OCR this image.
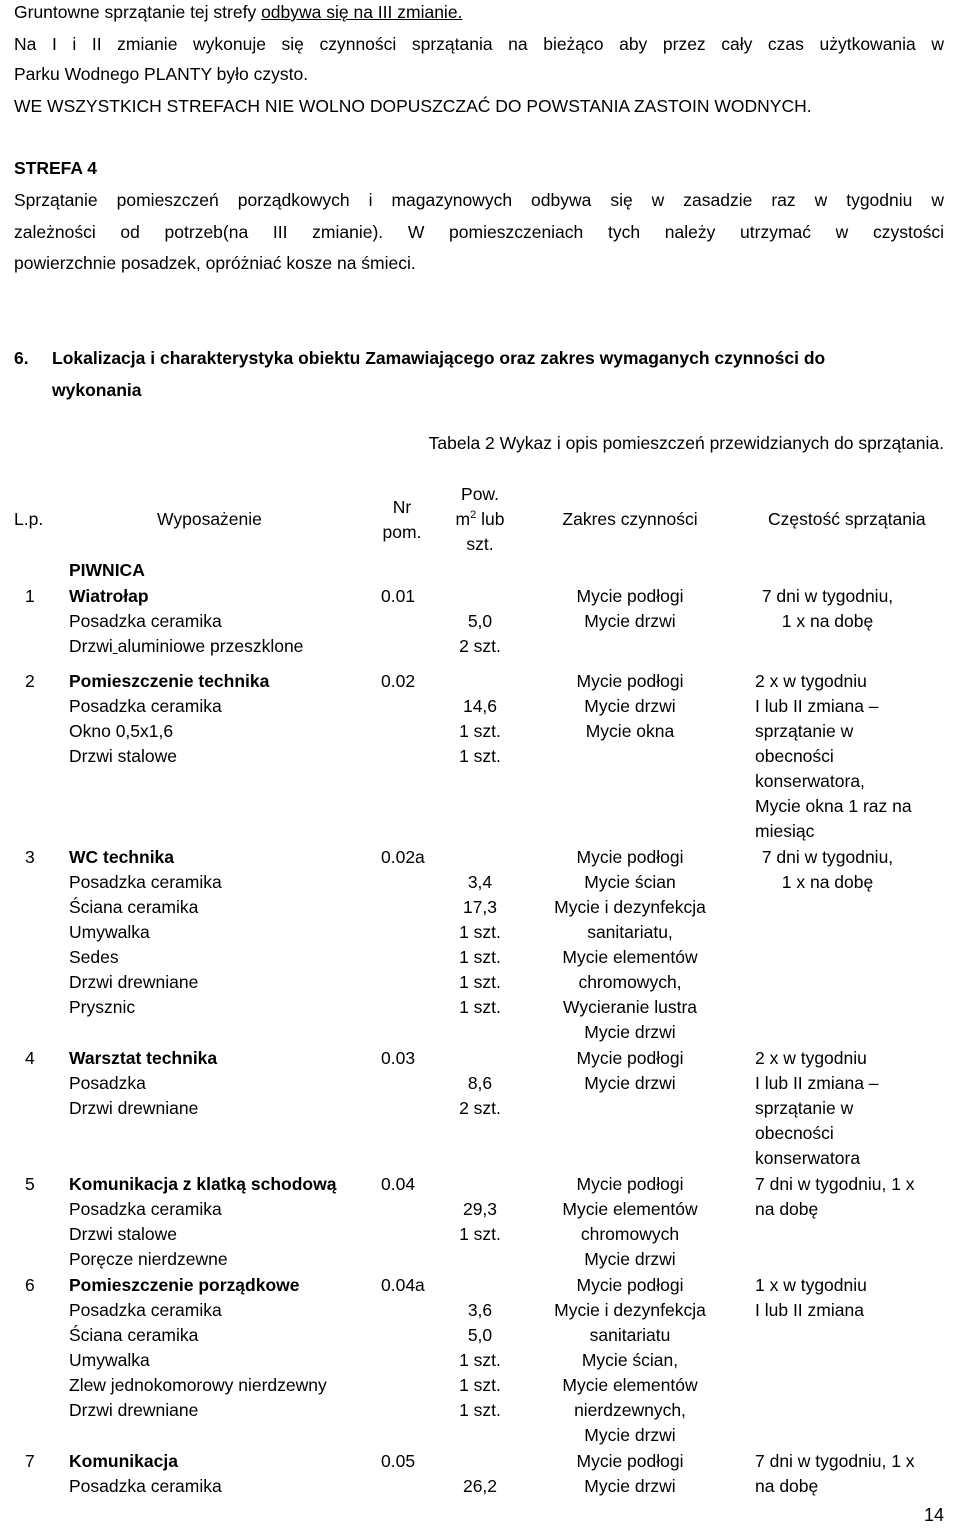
Gruntowne sprzątanie tej strefy odbywa się na III zmianie.
Na I i II zmianie wykonuje się czynności sprzątania na bieżąco aby przez cały czas użytkowania w
Parku Wodnego PLANTY było czysto.
WE WSZYSTKICH STREFACH NIE WOLNO DOPUSZCZAĆ DO POWSTANIA ZASTOIN WODNYCH.
STREFA 4
Sprzątanie pomieszczeń porządkowych i magazynowych odbywa się w zasadzie raz w tygodniu w
zależności od potrzeb(na III zmianie). W pomieszczeniach tych należy utrzymać w czystości
powierzchnie posadzek, opróżniać kosze na śmieci.
6. Lokalizacja i charakterystyka obiektu Zamawiającego oraz zakres wymaganych czynności do
wykonania
Tabela 2 Wykaz i opis pomieszczeń przewidzianych do sprzątania.
L.p.	Wyposażenie
Nr
pom.
Pow.
$m^2$ lub
szt.
Zakres czynności	Częstość sprzątania
PIWNICA
1 Wiatrołap
Posadzka ceramika
Drzwi aluminiowe przeszklone
0.01
5,0
2 szt.
Mycie podłogi
Mycie drzwi
7 dni w tygodniu,
1 x na dobę
2 Pomieszczenie technika
Posadzka ceramika
Okno 0,5x1,6
Drzwi stalowe
0.02
14,6
1 szt.
1 szt.
Mycie podłogi
Mycie drzwi
Mycie okna
2 x w tygodniu
I lub II zmiana –
sprzątanie w
obecności
konserwatora,
Mycie okna 1 raz na
miesiąc
3 WC technika
Posadzka ceramika
Ściana ceramika
Umywalka
Sedes
Drzwi drewniane
Prysznic
0.02a
3,4
17,3
1 szt.
1 szt.
1 szt.
1 szt.
Mycie podłogi
Mycie ścian
Mycie i dezynfekcja
sanitariatu,
Mycie elementów
chromowych,
Wycieranie lustra
Mycie drzwi
7 dni w tygodniu,
1 x na dobę
4 Warsztat technika
Posadzka
Drzwi drewniane
0.03
8,6
2 szt.
Mycie podłogi
Mycie drzwi
2 x w tygodniu
I lub II zmiana –
sprzątanie w
obecności
konserwatora
5 Komunikacja z klatką schodową
Posadzka ceramika
Drzwi stalowe
Poręcze nierdzewne
0.04
29,3
1 szt.
Mycie podłogi
Mycie elementów
chromowych
Mycie drzwi
7 dni w tygodniu, 1 x
na dobę
6 Pomieszczenie porządkowe
Posadzka ceramika
Ściana ceramika
Umywalka
Zlew jednokomorowy nierdzewny
Drzwi drewniane
0.04a
3,6
5,0
1 szt.
1 szt.
1 szt.
Mycie podłogi
Mycie i dezynfekcja
sanitariatu
Mycie ścian,
Mycie elementów
nierdzewnych,
Mycie drzwi
1 x w tygodniu
I lub II zmiana
7 Komunikacja
Posadzka ceramika
0.05
26,2
Mycie podłogi
Mycie drzwi
7 dni w tygodniu, 1 x
na dobę
14
